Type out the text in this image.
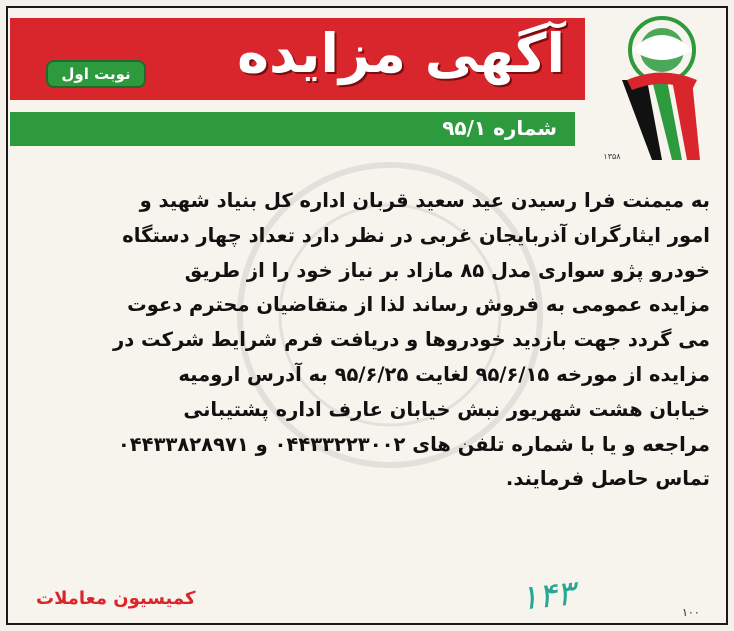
آگهی مزایده
نوبت اول
شماره ۹۵/۱
۱۳۵۸
به میمنت فرا رسیدن عید سعید قربان اداره کل بنیاد شهید و
امور ایثارگران آذربایجان غربی در نظر دارد تعداد چهار دستگاه
خودرو پژو سواری مدل ۸۵ مازاد بر نیاز خود را از طریق
مزایده عمومی به فروش رساند لذا از متقاضیان محترم دعوت
می گردد جهت بازدید خودروها و دریافت فرم شرایط شرکت در
مزایده از مورخه ۹۵/۶/۱۵ لغایت ۹۵/۶/۲۵ به آدرس ارومیه
خیابان هشت شهریور نبش خیابان عارف اداره پشتیبانی
مراجعه و یا با شماره تلفن های ۰۴۴۳۳۲۲۳۰۰۲ و ۰۴۴۳۳۸۲۸۹۷۱
تماس حاصل فرمایند.
۱۴۳
کمیسیون معاملات
۱۰۰
